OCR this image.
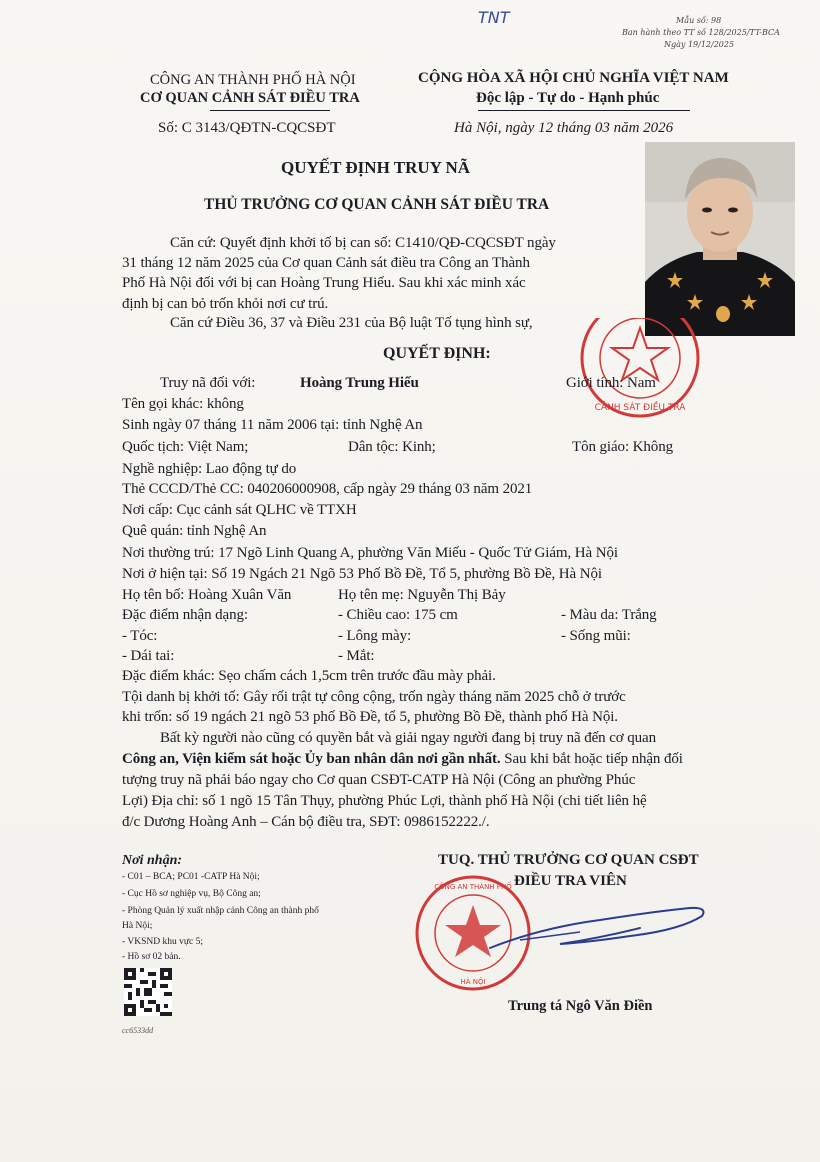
TNT	Mẫu số: 98
Ban hành theo TT số 128/2025/TT-BCA
Ngày 19/12/2025
CÔNG AN THÀNH PHỐ HÀ NỘI
CƠ QUAN CẢNH SÁT ĐIỀU TRA
Số: C 3143/QĐTN-CQCSĐT
CỘNG HÒA XÃ HỘI CHỦ NGHĨA VIỆT NAM
Độc lập - Tự do - Hạnh phúc
Hà Nội, ngày 12 tháng 03 năm 2026
QUYẾT ĐỊNH TRUY NÃ
THỦ TRƯỞNG CƠ QUAN CẢNH SÁT ĐIỀU TRA
Căn cứ: Quyết định khởi tố bị can số: C1410/QĐ-CQCSĐT ngày
31 tháng 12 năm 2025 của Cơ quan Cảnh sát điều tra Công an Thành
Phố Hà Nội đối với bị can Hoàng Trung Hiếu. Sau khi xác minh xác
định bị can bỏ trốn khỏi nơi cư trú.
Căn cứ Điều 36, 37 và Điều 231 của Bộ luật Tố tụng hình sự,
CẢNH SÁT ĐIỀU TRA
QUYẾT ĐỊNH:
Truy nã đối với:	Hoàng Trung Hiếu	Giới tính: Nam
Tên gọi khác: không
Sinh ngày 07 tháng 11 năm 2006 tại: tỉnh Nghệ An
Quốc tịch: Việt Nam;	Dân tộc: Kinh;	Tôn giáo: Không
Nghề nghiệp: Lao động tự do
Thẻ CCCD/Thẻ CC: 040206000908, cấp ngày 29 tháng 03 năm 2021
Nơi cấp: Cục cảnh sát QLHC về TTXH
Quê quán: tỉnh Nghệ An
Nơi thường trú: 17 Ngõ Linh Quang A, phường Văn Miếu - Quốc Tử Giám, Hà Nội
Nơi ở hiện tại: Số 19 Ngách 21 Ngõ 53 Phố Bồ Đề, Tổ 5, phường Bồ Đề, Hà Nội
Họ tên bố: Hoàng Xuân Văn	Họ tên mẹ: Nguyễn Thị Bảy
Đặc điểm nhận dạng:	- Chiều cao: 175 cm	- Màu da: Trắng
- Tóc:	- Lông mày:	- Sống mũi:
- Dái tai:	- Mắt:
Đặc điểm khác: Sẹo chấm cách 1,5cm trên trước đầu mày phải.
Tội danh bị khởi tố: Gây rối trật tự công cộng, trốn ngày tháng năm 2025 chỗ ở trước
khi trốn: số 19 ngách 21 ngõ 53 phố Bồ Đề, tổ 5, phường Bồ Đề, thành phố Hà Nội.
Bất kỳ người nào cũng có quyền bắt và giải ngay người đang bị truy nã đến cơ quan
Công an, Viện kiểm sát hoặc Ủy ban nhân dân nơi gần nhất. Sau khi bắt hoặc tiếp nhận đối
tượng truy nã phải báo ngay cho Cơ quan CSĐT-CATP Hà Nội (Công an phường Phúc
Lợi) Địa chỉ: số 1 ngõ 15 Tân Thụy, phường Phúc Lợi, thành phố Hà Nội (chi tiết liên hệ
đ/c Dương Hoàng Anh – Cán bộ điều tra, SĐT: 0986152222./.
Nơi nhận:
- C01 – BCA; PC01 -CATP Hà Nội;
- Cục Hồ sơ nghiệp vụ, Bộ Công an;
- Phòng Quản lý xuất nhập cảnh Công an thành phố
Hà Nội;
- VKSND khu vực 5;
- Hồ sơ 02 bản.
cc6533dd
CÔNG AN THÀNH PHỐ
HÀ NỘI
TUQ. THỦ TRƯỞNG CƠ QUAN CSĐT
ĐIỀU TRA VIÊN
Trung tá Ngô Văn Điền
